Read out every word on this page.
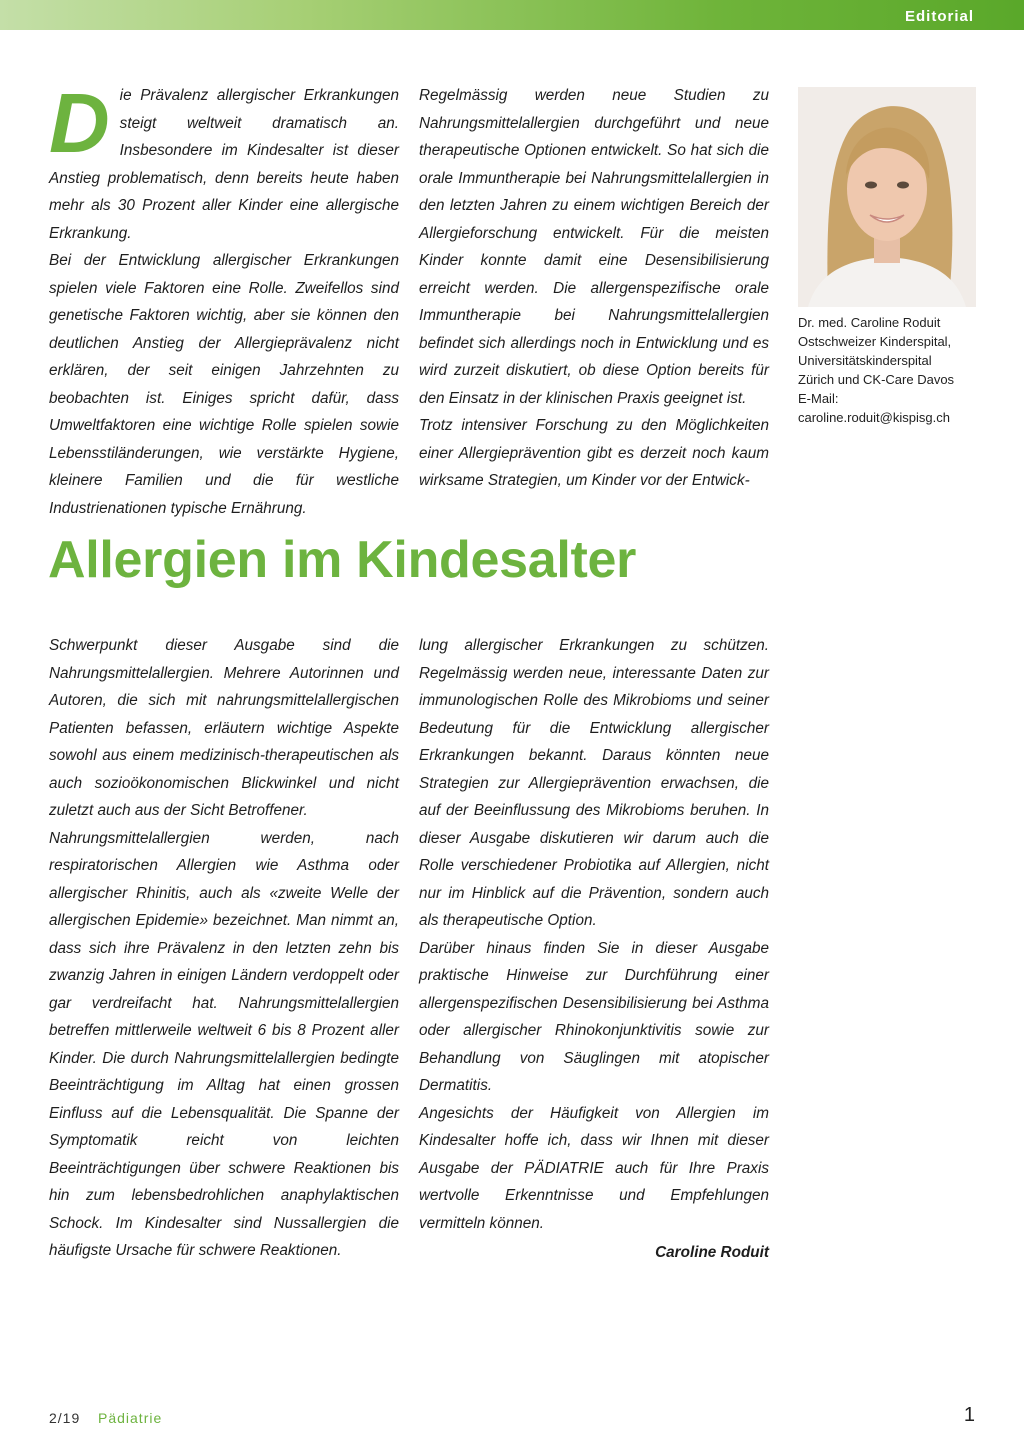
Editorial

Die Prävalenz allergischer Erkrankungen steigt weltweit dramatisch an. Insbesondere im Kindesalter ist dieser Anstieg problematisch, denn bereits heute haben mehr als 30 Prozent aller Kinder eine allergische Erkrankung.

Bei der Entwicklung allergischer Erkrankungen spielen viele Faktoren eine Rolle. Zweifellos sind genetische Faktoren wichtig, aber sie können den deutlichen Anstieg der Allergieprävalenz nicht erklären, der seit einigen Jahrzehnten zu beobachten ist. Einiges spricht dafür, dass Umweltfaktoren eine wichtige Rolle spielen sowie Lebensstiländerungen, wie verstärkte Hygiene, kleinere Familien und die für westliche Industrienationen typische Ernährung.

Regelmässig werden neue Studien zu Nahrungsmittelallergien durchgeführt und neue therapeutische Optionen entwickelt. So hat sich die orale Immuntherapie bei Nahrungsmittelallergien in den letzten Jahren zu einem wichtigen Bereich der Allergieforschung entwickelt. Für die meisten Kinder konnte damit eine Desensibilisierung erreicht werden. Die allergenspezifische orale Immuntherapie bei Nahrungsmittelallergien befindet sich allerdings noch in Entwicklung und es wird zurzeit diskutiert, ob diese Option bereits für den Einsatz in der klinischen Praxis geeignet ist.

Trotz intensiver Forschung zu den Möglichkeiten einer Allergieprävention gibt es derzeit noch kaum wirksame Strategien, um Kinder vor der Entwick-

Dr. med. Caroline Roduit
Ostschweizer Kinderspital,
Universitätskinderspital
Zürich und CK-Care Davos
E-Mail:
caroline.roduit@kispisg.ch
Allergien im Kindesalter

Schwerpunkt dieser Ausgabe sind die Nahrungsmittelallergien. Mehrere Autorinnen und Autoren, die sich mit nahrungsmittelallergischen Patienten befassen, erläutern wichtige Aspekte sowohl aus einem medizinisch-therapeutischen als auch sozioökonomischen Blickwinkel und nicht zuletzt auch aus der Sicht Betroffener.

Nahrungsmittelallergien werden, nach respiratorischen Allergien wie Asthma oder allergischer Rhinitis, auch als «zweite Welle der allergischen Epidemie» bezeichnet. Man nimmt an, dass sich ihre Prävalenz in den letzten zehn bis zwanzig Jahren in einigen Ländern verdoppelt oder gar verdreifacht hat. Nahrungsmittelallergien betreffen mittlerweile weltweit 6 bis 8 Prozent aller Kinder. Die durch Nahrungsmittelallergien bedingte Beeinträchtigung im Alltag hat einen grossen Einfluss auf die Lebensqualität. Die Spanne der Symptomatik reicht von leichten Beeinträchtigungen über schwere Reaktionen bis hin zum lebensbedrohlichen anaphylaktischen Schock. Im Kindesalter sind Nussallergien die häufigste Ursache für schwere Reaktionen.

lung allergischer Erkrankungen zu schützen. Regelmässig werden neue, interessante Daten zur immunologischen Rolle des Mikrobioms und seiner Bedeutung für die Entwicklung allergischer Erkrankungen bekannt. Daraus könnten neue Strategien zur Allergieprävention erwachsen, die auf der Beeinflussung des Mikrobioms beruhen. In dieser Ausgabe diskutieren wir darum auch die Rolle verschiedener Probiotika auf Allergien, nicht nur im Hinblick auf die Prävention, sondern auch als therapeutische Option.

Darüber hinaus finden Sie in dieser Ausgabe praktische Hinweise zur Durchführung einer allergenspezifischen Desensibilisierung bei Asthma oder allergischer Rhinokonjunktivitis sowie zur Behandlung von Säuglingen mit atopischer Dermatitis.

Angesichts der Häufigkeit von Allergien im Kindesalter hoffe ich, dass wir Ihnen mit dieser Ausgabe der PÄDIATRIE auch für Ihre Praxis wertvolle Erkenntnisse und Empfehlungen vermitteln können.

Caroline Roduit

2/19 Pädiatrie	1
